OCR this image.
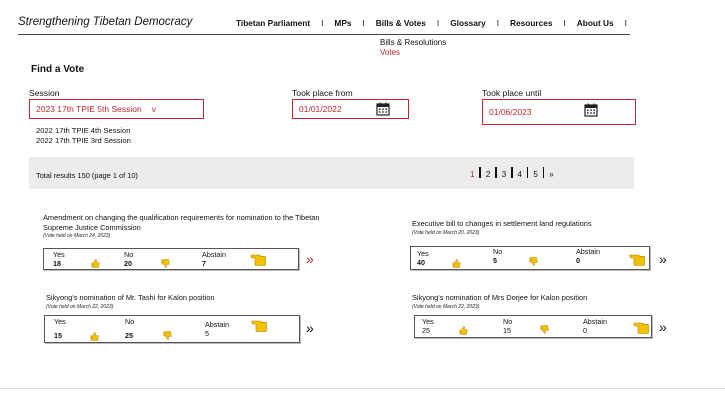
Strengthening Tibetan Democracy	Tibetan Parliament I MPs I Bills & Votes I Glossary I Resources I About Us I
Bills & Resolutions
Votes
Find a Vote
Session
2023 17th TPIE 5th Session v
2022 17th TPIE 4th Session
2022 17th TPIE 3rd Session
Took place from
01/01/2022
Took place until
01/06/2023
Total results 150 (page 1 of 10)	1 2 3 4 5 »
Amendment on changing the qualification requirements for nomination to the Tibetan Supreme Justice Commission
(Vote held on March 24, 2023)
Yes
18
No
20
Abstain
7	»
Executive bill to changes in settlement land regulations
(Vote held on March 20, 2023)
Yes
40
No
5
Abstain
0	»
Sikyong's nomination of Mr. Tashi for Kalon position
(Vote held on March 22, 2023)
Yes
15
No
25
Abstain
5	»
Sikyong's nomination of Mrs Dorjee for Kalon position
(Vote held on March 22, 2023)
Yes
25
No
15
Abstain
0	»
